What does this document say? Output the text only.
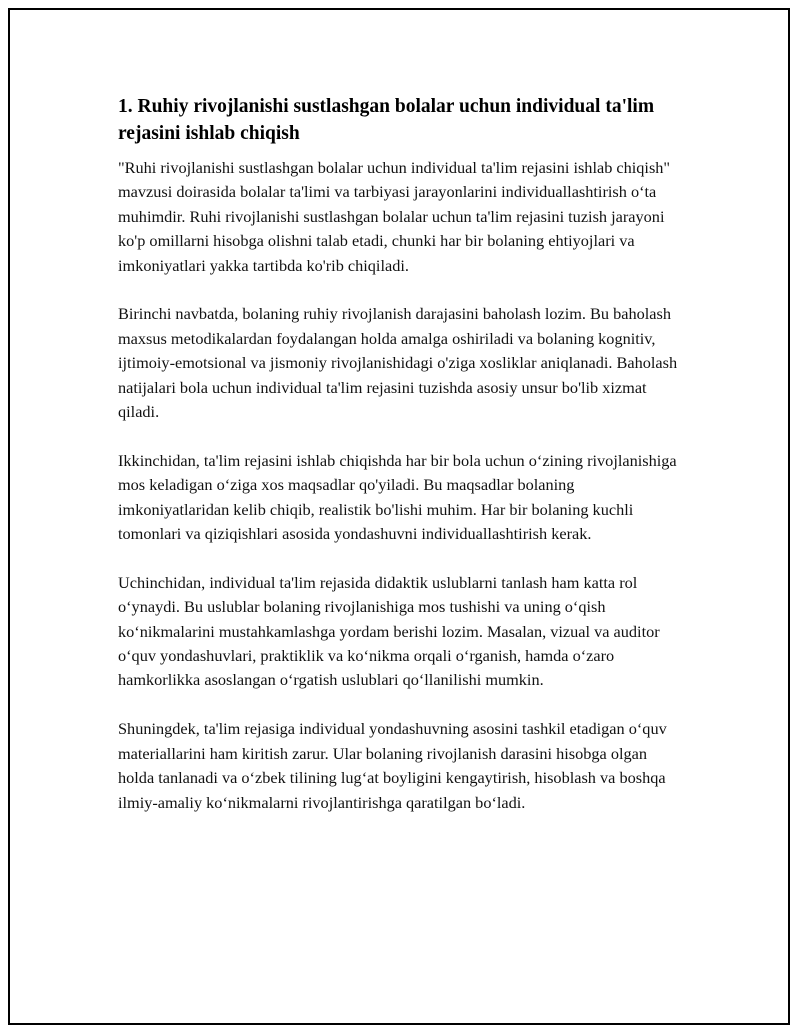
1. Ruhiy rivojlanishi sustlashgan bolalar uchun individual ta'lim rejasini ishlab chiqish

"Ruhi rivojlanishi sustlashgan bolalar uchun individual ta'lim rejasini ishlab chiqish" mavzusi doirasida bolalar ta'limi va tarbiyasi jarayonlarini individuallashtirish o‘ta muhimdir. Ruhi rivojlanishi sustlashgan bolalar uchun ta'lim rejasini tuzish jarayoni ko'p omillarni hisobga olishni talab etadi, chunki har bir bolaning ehtiyojlari va imkoniyatlari yakka tartibda ko'rib chiqiladi.

Birinchi navbatda, bolaning ruhiy rivojlanish darajasini baholash lozim. Bu baholash maxsus metodikalardan foydalangan holda amalga oshiriladi va bolaning kognitiv, ijtimoiy-emotsional va jismoniy rivojlanishidagi o'ziga xosliklar aniqlanadi. Baholash natijalari bola uchun individual ta'lim rejasini tuzishda asosiy unsur bo'lib xizmat qiladi.

Ikkinchidan, ta'lim rejasini ishlab chiqishda har bir bola uchun o‘zining rivojlanishiga mos keladigan o‘ziga xos maqsadlar qo'yiladi. Bu maqsadlar bolaning imkoniyatlaridan kelib chiqib, realistik bo'lishi muhim. Har bir bolaning kuchli tomonlari va qiziqishlari asosida yondashuvni individuallashtirish kerak.

Uchinchidan, individual ta'lim rejasida didaktik uslublarni tanlash ham katta rol o‘ynaydi. Bu uslublar bolaning rivojlanishiga mos tushishi va uning o‘qish ko‘nikmalarini mustahkamlashga yordam berishi lozim. Masalan, vizual va auditor o‘quv yondashuvlari, praktiklik va ko‘nikma orqali o‘rganish, hamda o‘zaro hamkorlikka asoslangan o‘rgatish uslublari qo‘llanilishi mumkin.

Shuningdek, ta'lim rejasiga individual yondashuvning asosini tashkil etadigan o‘quv materiallarini ham kiritish zarur. Ular bolaning rivojlanish darasini hisobga olgan holda tanlanadi va o‘zbek tilining lug‘at boyligini kengaytirish, hisoblash va boshqa ilmiy-amaliy ko‘nikmalarni rivojlantirishga qaratilgan bo‘ladi.
